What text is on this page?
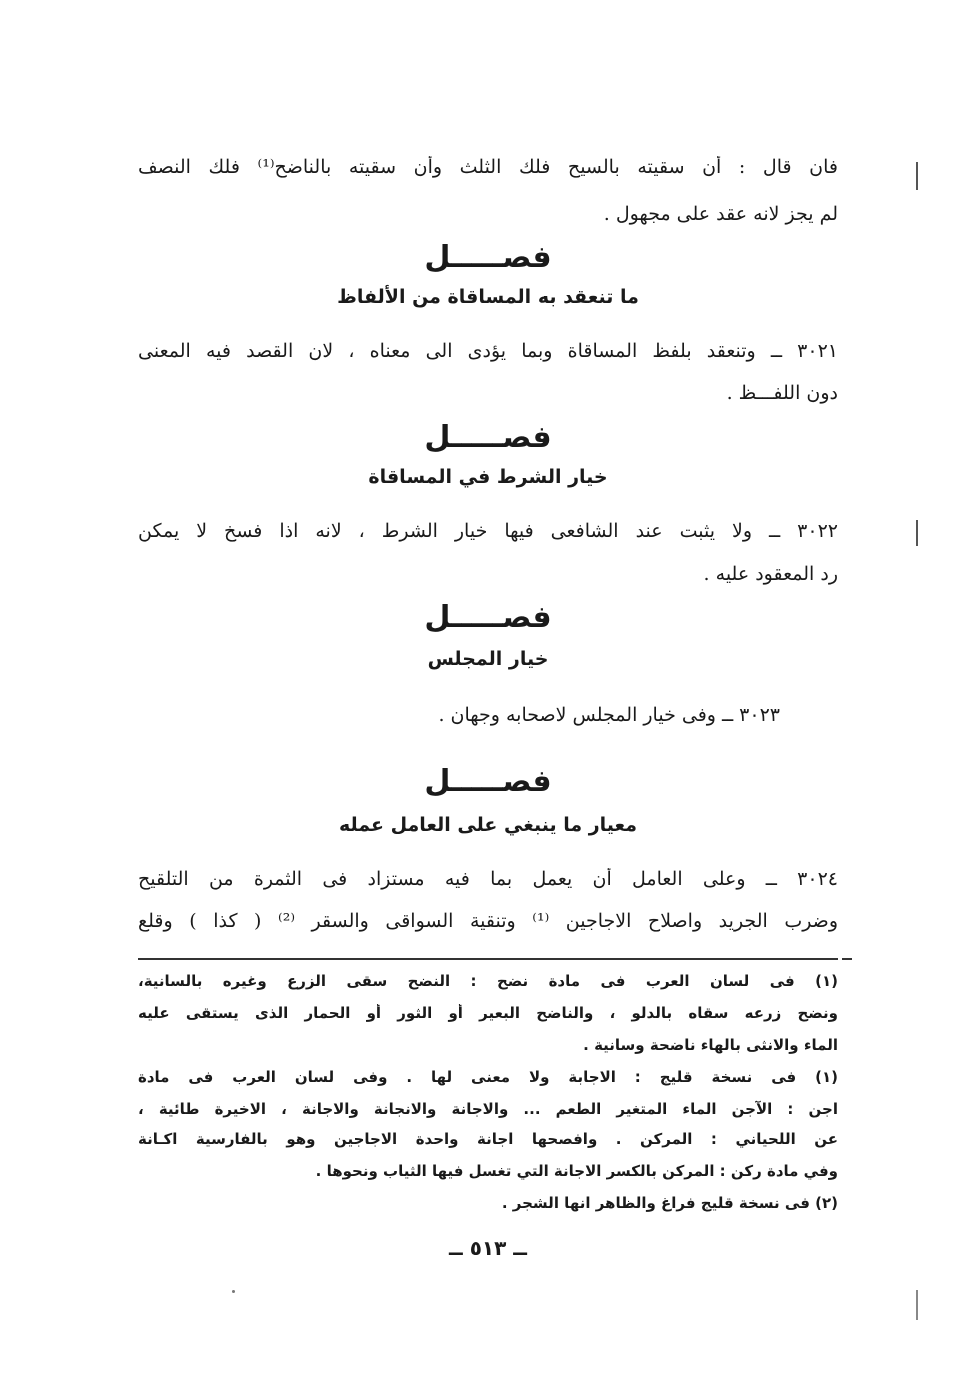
فان قال : أن سقيته بالسيح فلك الثلث وأن سقيته بالناضح⁽¹⁾ فلك النصف
لم يجز لانه عقد على مجهول .
فصـــــل
ما تنعقد به المساقاة من الألفاظ
٣٠٢١ ــ وتنعقد بلفظ المساقاة وبما يؤدى الى معناه ، لان القصد فيه المعنى
دون اللفـــظ .
فصـــــل
خيار الشرط في المساقاة
٣٠٢٢ ــ ولا يثبت عند الشافعى فيها خيار الشرط ، لانه اذا فسخ لا يمكن
رد المعقود عليه .
فصـــــل
خيار المجلس
٣٠٢٣ ــ وفى خيار المجلس لاصحابه وجهان .
فصـــــل
معيار ما ينبغي على العامل عمله
٣٠٢٤ ــ وعلى العامل أن يعمل بما فيه مستزاد فى الثمرة من التلقيح
وضرب الجريد واصلاح الاجاجين ⁽¹⁾ وتنقية السواقى والسقر ⁽²⁾ ( كذا ) وقلع
(١) فى لسان العرب فى مادة نضح : النضح سقى الزرع وغيره بالسانية،
ونضح زرعه سقاه بالدلو ، والناضح البعير أو الثور أو الحمار الذى يستقى عليه
الماء والانثى بالهاء ناضحة وسانية .
(١) فى نسخة قليج : الاجابة ولا معنى لها . وفى لسان العرب فى مادة
اجن : الآجن الماء المتغير الطعم ... والاجانة والانجانة والاجانة ، الاخيرة طائية ،
عن اللحياني : المركن . وافصحها اجانة واحدة الاجاجين وهو بالفارسية اكـانة
وفي مادة ركن : المركن بالكسر الاجانة التي تغسل فيها الثياب ونحوها .
(٢) فى نسخة قليج فراغ والظاهر انها الشجر .
ــ ٥١٣ ــ
